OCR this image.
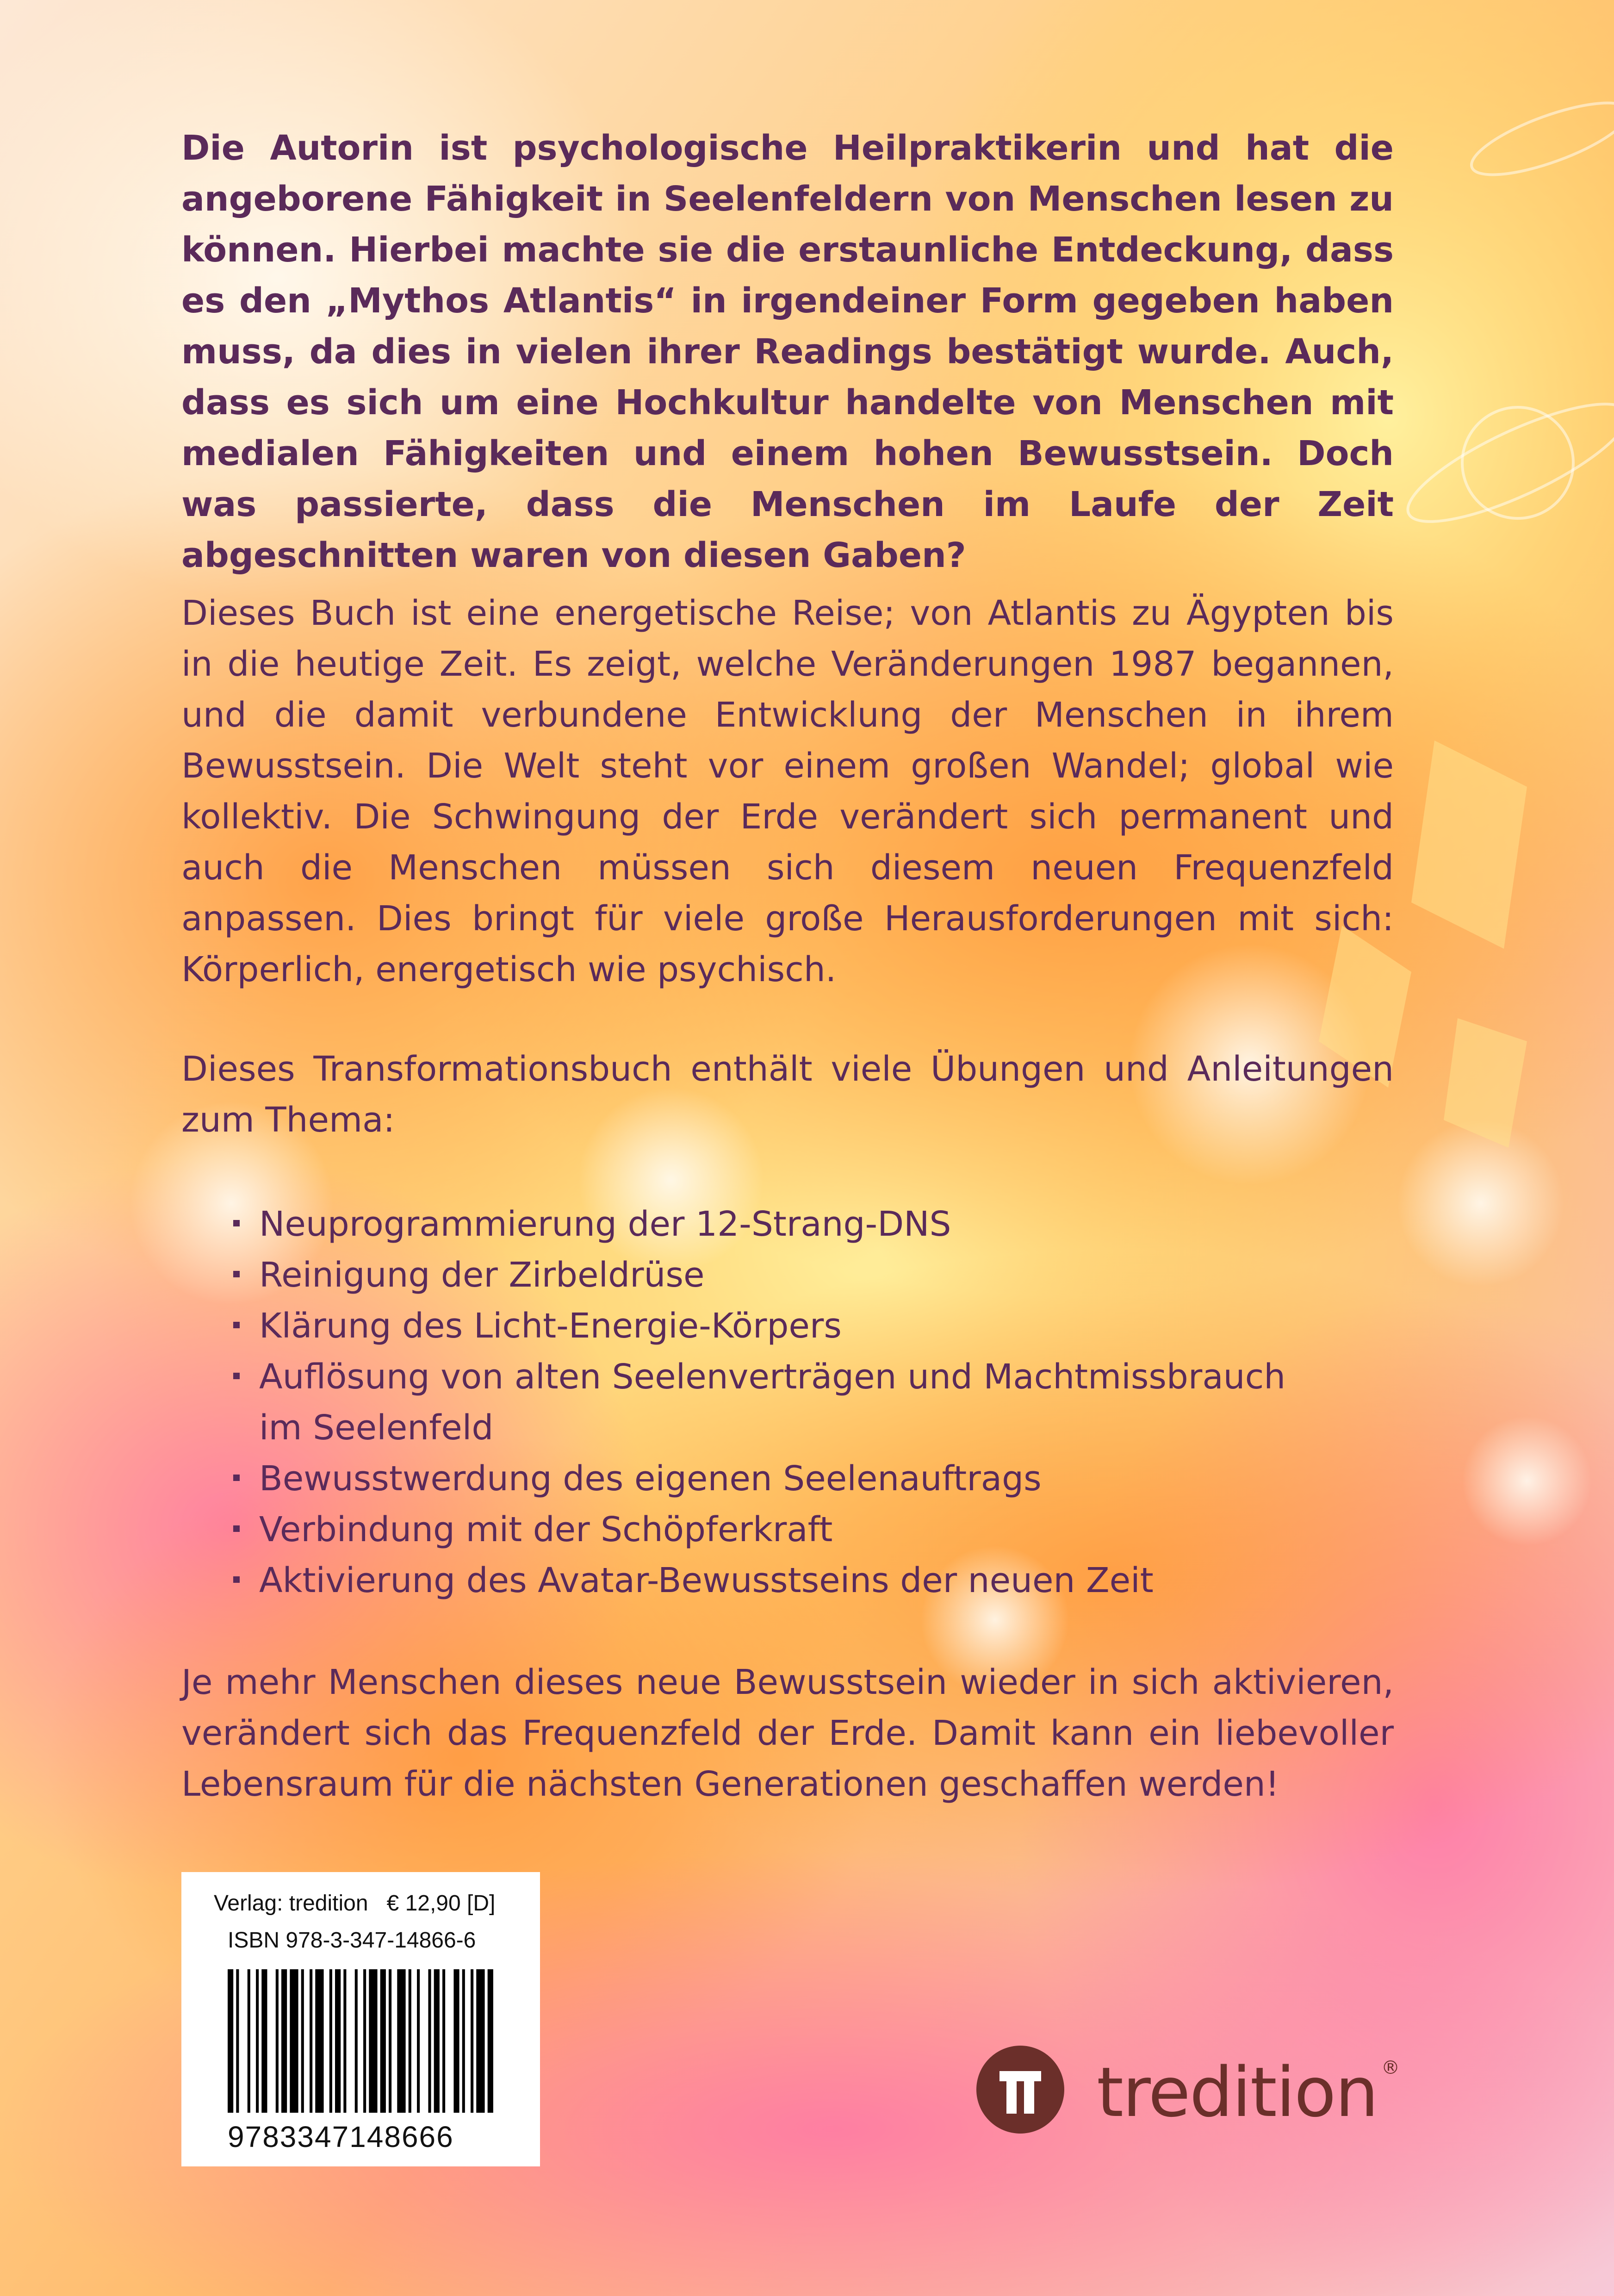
Die Autorin ist psychologische Heilpraktikerin und hat die angeborene Fähigkeit in Seelenfeldern von Menschen lesen zu können. Hierbei machte sie die erstaunliche Entdeckung, dass es den „Mythos Atlantis“ in irgendeiner Form gegeben haben muss, da dies in vielen ihrer Readings bestätigt wurde. Auch, dass es sich um eine Hochkultur handelte von Menschen mit medialen Fähigkeiten und einem hohen Bewusstsein. Doch was passierte, dass die Menschen im Laufe der Zeit abgeschnitten waren von diesen Gaben?
Dieses Buch ist eine energetische Reise; von Atlantis zu Ägypten bis in die heutige Zeit. Es zeigt, welche Veränderungen 1987 begannen, und die damit verbundene Entwicklung der Menschen in ihrem Bewusstsein. Die Welt steht vor einem großen Wandel; global wie kollektiv. Die Schwingung der Erde verändert sich permanent und auch die Menschen müssen sich diesem neuen Frequenzfeld anpassen. Dies bringt für viele große Herausforderungen mit sich: Körperlich, energetisch wie psychisch.
Dieses Transformationsbuch enthält viele Übungen und Anleitungen zum Thema:
Neuprogrammierung der 12-Strang-DNS
Reinigung der Zirbeldrüse
Klärung des Licht-Energie-Körpers
Auflösung von alten Seelenverträgen und Machtmissbrauch im Seelenfeld
Bewusstwerdung des eigenen Seelenauftrags
Verbindung mit der Schöpferkraft
Aktivierung des Avatar-Bewusstseins der neuen Zeit
Je mehr Menschen dieses neue Bewusstsein wieder in sich aktivieren, verändert sich das Frequenzfeld der Erde. Damit kann ein liebevoller Lebensraum für die nächsten Generationen geschaffen werden!
Verlag: tredition   € 12,90 [D]
ISBN 978-3-347-14866-6
9783347148666
tredition ®
